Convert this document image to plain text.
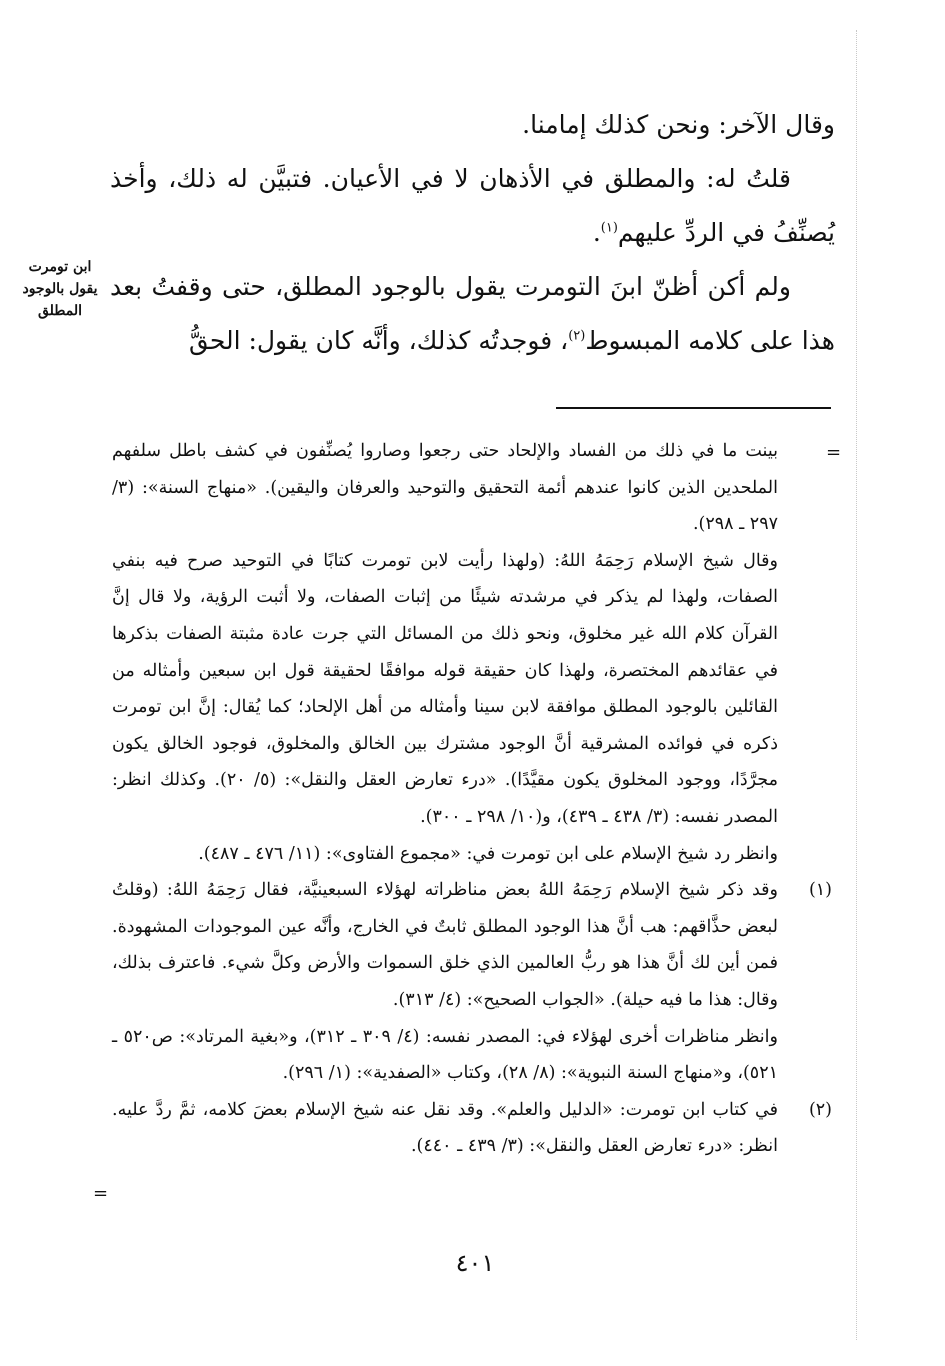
وقال الآخر: ونحن كذلك إمامنا.

قلتُ له: والمطلق في الأذهان لا في الأعيان. فتبيَّن له ذلك، وأخذ يُصنِّفُ في الردِّ عليهم$^{(١)}$.

ولم أكن أظنّ ابنَ التومرت يقول بالوجود المطلق، حتى وقفتُ بعد هذا على كلامه المبسوط$^{(٢)}$، فوجدتُه كذلك، وأنَّه كان يقول: الحقُّ

ابن تومرت يقول بالوجود المطلق
=
=

بينت ما في ذلك من الفساد والإلحاد حتى رجعوا وصاروا يُصنِّفون في كشف باطل سلفهم الملحدين الذين كانوا عندهم أئمة التحقيق والتوحيد والعرفان واليقين). «منهاج السنة»: (٣/ ٢٩٧ ـ ٢٩٨).

وقال شيخ الإسلام رَحِمَهُ اللهُ: (ولهذا رأيت لابن تومرت كتابًا في التوحيد صرح فيه بنفي الصفات، ولهذا لم يذكر في مرشدته شيئًا من إثبات الصفات، ولا أثبت الرؤية، ولا قال إنَّ القرآن كلام الله غير مخلوق، ونحو ذلك من المسائل التي جرت عادة مثبتة الصفات بذكرها في عقائدهم المختصرة، ولهذا كان حقيقة قوله موافقًا لحقيقة قول ابن سبعين وأمثاله من القائلين بالوجود المطلق موافقة لابن سينا وأمثاله من أهل الإلحاد؛ كما يُقال: إنَّ ابن تومرت ذكره في فوائده المشرقية أنَّ الوجود مشترك بين الخالق والمخلوق، فوجود الخالق يكون مجرَّدًا، ووجود المخلوق يكون مقيَّدًا). «درء تعارض العقل والنقل»: (٥/ ٢٠). وكذلك انظر: المصدر نفسه: (٣/ ٤٣٨ ـ ٤٣٩)، و(١٠/ ٢٩٨ ـ ٣٠٠).

وانظر رد شيخ الإسلام على ابن تومرت في: «مجموع الفتاوى»: (١١/ ٤٧٦ ـ ٤٨٧).

(١)

وقد ذكر شيخ الإسلام رَحِمَهُ اللهُ بعض مناظراته لهؤلاء السبعينيَّة، فقال رَحِمَهُ اللهُ: (وقلتُ لبعض حذَّاقهم: هب أنَّ هذا الوجود المطلق ثابتٌ في الخارج، وأنَّه عين الموجودات المشهودة. فمن أين لك أنَّ هذا هو ربُّ العالمين الذي خلق السموات والأرض وكلَّ شيء. فاعترف بذلك، وقال: هذا ما فيه حيلة). «الجواب الصحيح»: (٤/ ٣١٣).

وانظر مناظرات أخرى لهؤلاء في: المصدر نفسه: (٤/ ٣٠٩ ـ ٣١٢)، و«بغية المرتاد»: ص٥٢٠ ـ ٥٢١)، و«منهاج السنة النبوية»: (٨/ ٢٨)، وكتاب «الصفدية»: (١/ ٢٩٦).

(٢)

في كتاب ابن تومرت: «الدليل والعلم». وقد نقل عنه شيخ الإسلام بعضَ كلامه، ثمَّ ردَّ عليه. انظر: «درء تعارض العقل والنقل»: (٣/ ٤٣٩ ـ ٤٤٠).

٤٠١
